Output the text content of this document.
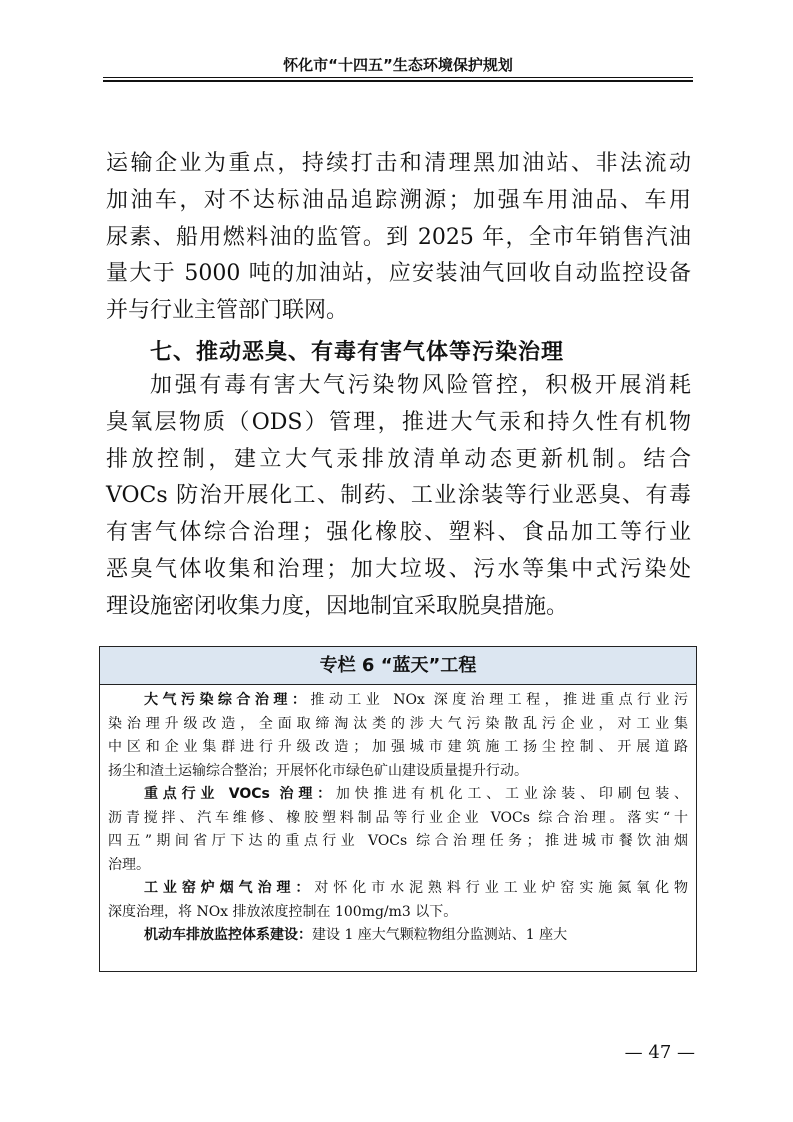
怀化市“十四五”生态环境保护规划
运输企业为重点，持续打击和清理黑加油站、非法流动
加油车，对不达标油品追踪溯源；加强车用油品、车用
尿素、船用燃料油的监管。到 2025 年，全市年销售汽油
量大于 5000 吨的加油站，应安装油气回收自动监控设备
并与行业主管部门联网。
七、推动恶臭、有毒有害气体等污染治理
加强有毒有害大气污染物风险管控，积极开展消耗
臭氧层物质（ODS）管理，推进大气汞和持久性有机物
排放控制，建立大气汞排放清单动态更新机制。结合
VOCs 防治开展化工、制药、工业涂装等行业恶臭、有毒
有害气体综合治理；强化橡胶、塑料、食品加工等行业
恶臭气体收集和治理；加大垃圾、污水等集中式污染处
理设施密闭收集力度，因地制宜采取脱臭措施。
专栏 6 “蓝天”工程
大气污染综合治理：推动工业 NOx 深度治理工程，推进重点行业污
染治理升级改造，全面取缔淘汰类的涉大气污染散乱污企业，对工业集
中区和企业集群进行升级改造；加强城市建筑施工扬尘控制、开展道路
扬尘和渣土运输综合整治；开展怀化市绿色矿山建设质量提升行动。
重点行业 VOCs 治理：加快推进有机化工、工业涂装、印刷包装、
沥青搅拌、汽车维修、橡胶塑料制品等行业企业 VOCs 综合治理。落实“十
四五”期间省厅下达的重点行业 VOCs 综合治理任务；推进城市餐饮油烟
治理。
工业窑炉烟气治理：对怀化市水泥熟料行业工业炉窑实施氮氧化物
深度治理，将 NOx 排放浓度控制在 100mg/m3 以下。
机动车排放监控体系建设：建设 1 座大气颗粒物组分监测站、1 座大
— 47 —
